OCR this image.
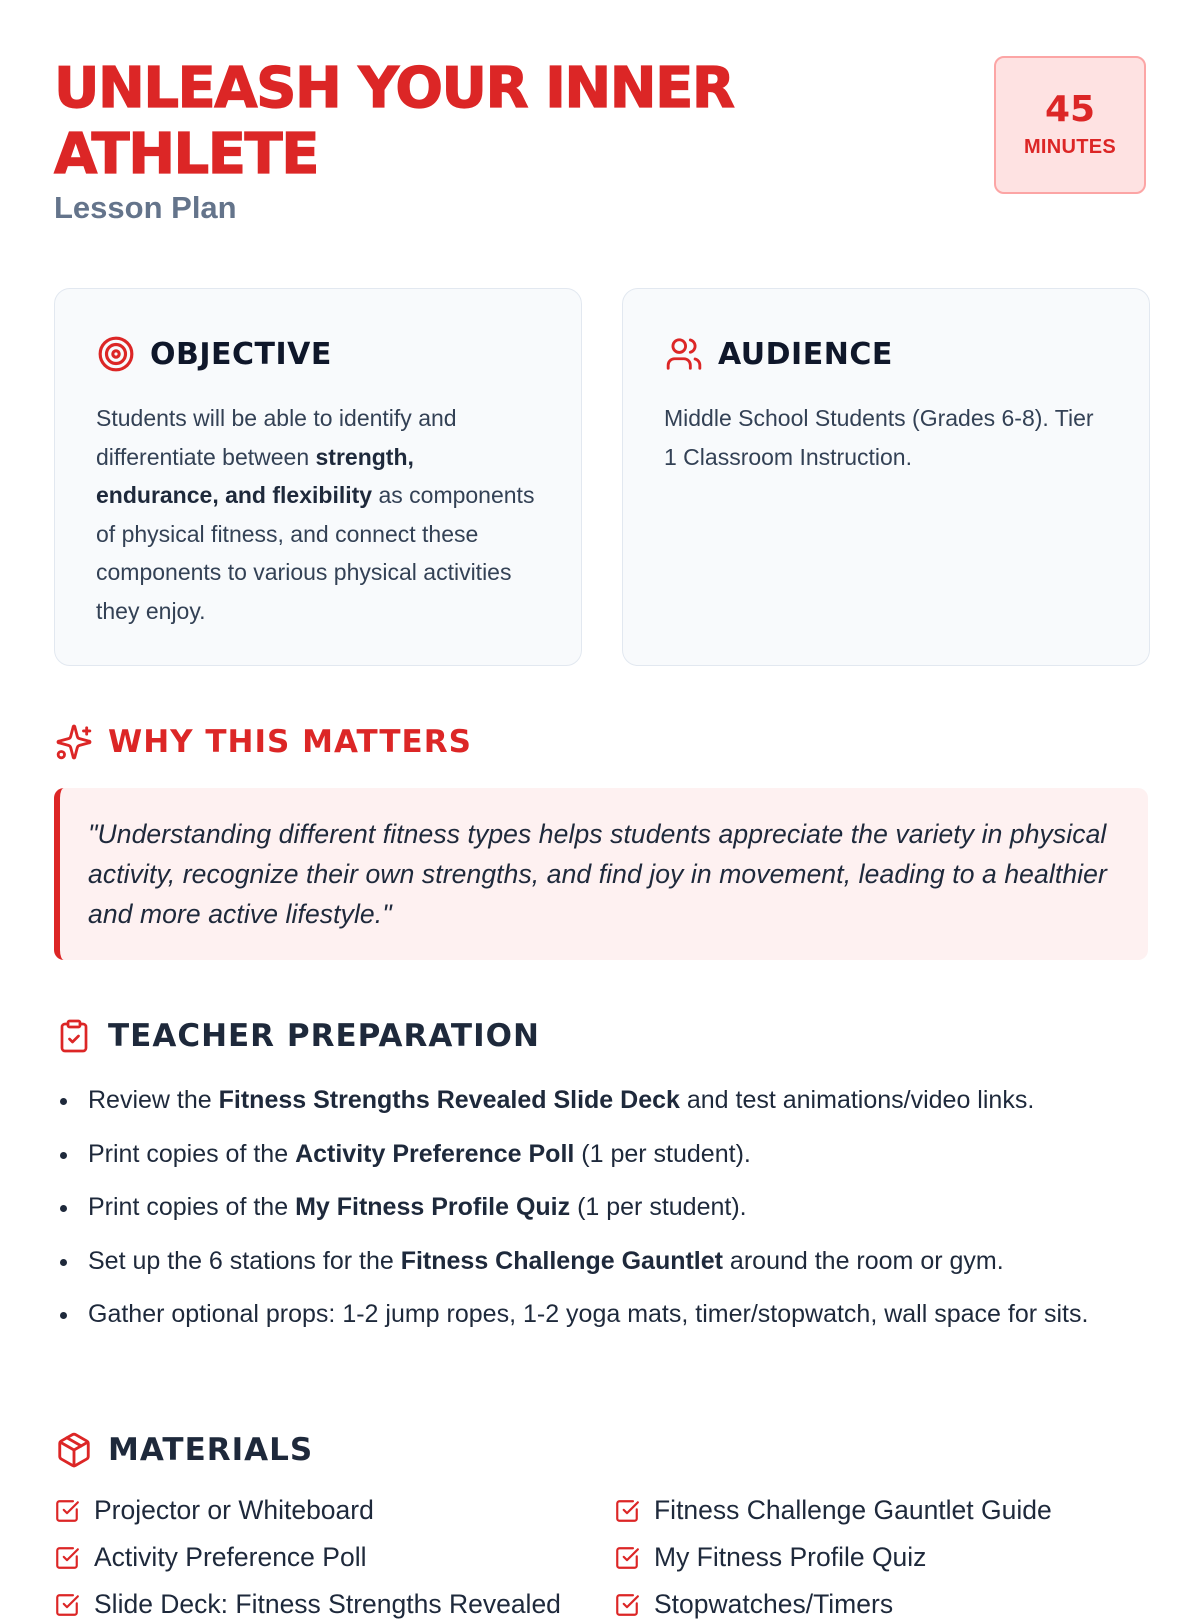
UNLEASH YOUR INNER ATHLETE
Lesson Plan
45
MINUTES
OBJECTIVE

Students will be able to identify and differentiate between strength, endurance, and flexibility as components of physical fitness, and connect these components to various physical activities they enjoy.

AUDIENCE

Middle School Students (Grades 6-8). Tier 1 Classroom Instruction.

WHY THIS MATTERS

"Understanding different fitness types helps students appreciate the variety in physical activity, recognize their own strengths, and find joy in movement, leading to a healthier and more active lifestyle."

TEACHER PREPARATION
Review the Fitness Strengths Revealed Slide Deck and test animations/video links.
Print copies of the Activity Preference Poll (1 per student).
Print copies of the My Fitness Profile Quiz (1 per student).
Set up the 6 stations for the Fitness Challenge Gauntlet around the room or gym.
Gather optional props: 1-2 jump ropes, 1-2 yoga mats, timer/stopwatch, wall space for sits.
MATERIALS
Projector or Whiteboard	Fitness Challenge Gauntlet Guide
Activity Preference Poll	My Fitness Profile Quiz
Slide Deck: Fitness Strengths Revealed	Stopwatches/Timers
